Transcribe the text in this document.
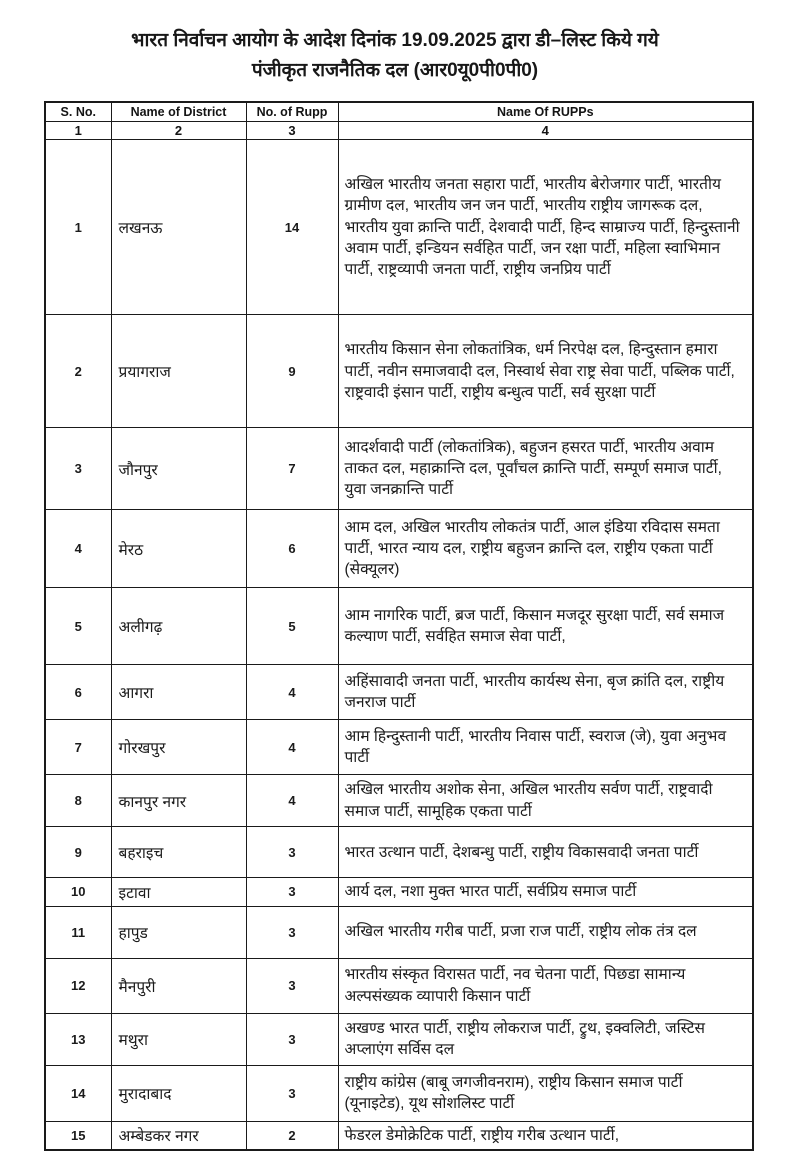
भारत निर्वाचन आयोग के आदेश दिनांक 19.09.2025 द्वारा डी–लिस्ट किये गये
पंजीकृत राजनैतिक दल (आर0यू0पी0पी0)
S. No.	Name of District	No. of Rupp	Name Of RUPPs
1	2	3	4
1	लखनऊ	14	अखिल भारतीय जनता सहारा पार्टी, भारतीय बेरोजगार पार्टी, भारतीय ग्रामीण दल, भारतीय जन जन पार्टी, भारतीय राष्ट्रीय जागरूक दल, भारतीय युवा क्रान्ति पार्टी, देशवादी पार्टी, हिन्द साम्राज्य पार्टी, हिन्दुस्तानी अवाम पार्टी, इन्डियन सर्वहित पार्टी, जन रक्षा पार्टी, महिला स्वाभिमान पार्टी, राष्ट्रव्यापी जनता पार्टी, राष्ट्रीय जनप्रिय पार्टी
2	प्रयागराज	9	भारतीय किसान सेना लोकतांत्रिक, धर्म निरपेक्ष दल, हिन्दुस्तान हमारा पार्टी, नवीन समाजवादी दल, निस्वार्थ सेवा राष्ट्र सेवा पार्टी, पब्लिक पार्टी, राष्ट्रवादी इंसान पार्टी, राष्ट्रीय बन्धुत्व पार्टी, सर्व सुरक्षा पार्टी
3	जौनपुर	7	आदर्शवादी पार्टी (लोकतांत्रिक), बहुजन हसरत पार्टी, भारतीय अवाम ताकत दल, महाक्रान्ति दल, पूर्वांचल क्रान्ति पार्टी, सम्पूर्ण समाज पार्टी, युवा जनक्रान्ति पार्टी
4	मेरठ	6	आम दल, अखिल भारतीय लोकतंत्र पार्टी, आल इंडिया रविदास समता पार्टी, भारत न्याय दल, राष्ट्रीय बहुजन क्रान्ति दल, राष्ट्रीय एकता पार्टी (सेक्यूलर)
5	अलीगढ़	5	आम नागरिक पार्टी, ब्रज पार्टी, किसान मजदूर सुरक्षा पार्टी, सर्व समाज कल्याण पार्टी, सर्वहित समाज सेवा पार्टी,
6	आगरा	4	अहिंसावादी जनता पार्टी, भारतीय कार्यस्थ सेना, बृज क्रांति दल, राष्ट्रीय जनराज पार्टी
7	गोरखपुर	4	आम हिन्दुस्तानी पार्टी, भारतीय निवास पार्टी, स्वराज (जे), युवा अनुभव पार्टी
8	कानपुर नगर	4	अखिल भारतीय अशोक सेना, अखिल भारतीय सर्वण पार्टी, राष्ट्रवादी समाज पार्टी, सामूहिक एकता पार्टी
9	बहराइच	3	भारत उत्थान पार्टी, देशबन्धु पार्टी, राष्ट्रीय विकासवादी जनता पार्टी
10	इटावा	3	आर्य दल, नशा मुक्त भारत पार्टी, सर्वप्रिय समाज पार्टी
11	हापुड	3	अखिल भारतीय गरीब पार्टी, प्रजा राज पार्टी, राष्ट्रीय लोक तंत्र दल
12	मैनपुरी	3	भारतीय संस्कृत विरासत पार्टी, नव चेतना पार्टी, पिछडा सामान्य अल्पसंख्यक व्यापारी किसान पार्टी
13	मथुरा	3	अखण्ड भारत पार्टी, राष्ट्रीय लोकराज पार्टी, ट्रुथ, इक्वलिटी, जस्टिस अप्लाएंग सर्विस दल
14	मुरादाबाद	3	राष्ट्रीय कांग्रेस (बाबू जगजीवनराम), राष्ट्रीय किसान समाज पार्टी (यूनाइटेड), यूथ सोशलिस्ट पार्टी
15	अम्बेडकर नगर	2	फेडरल डेमोक्रेटिक पार्टी, राष्ट्रीय गरीब उत्थान पार्टी,
